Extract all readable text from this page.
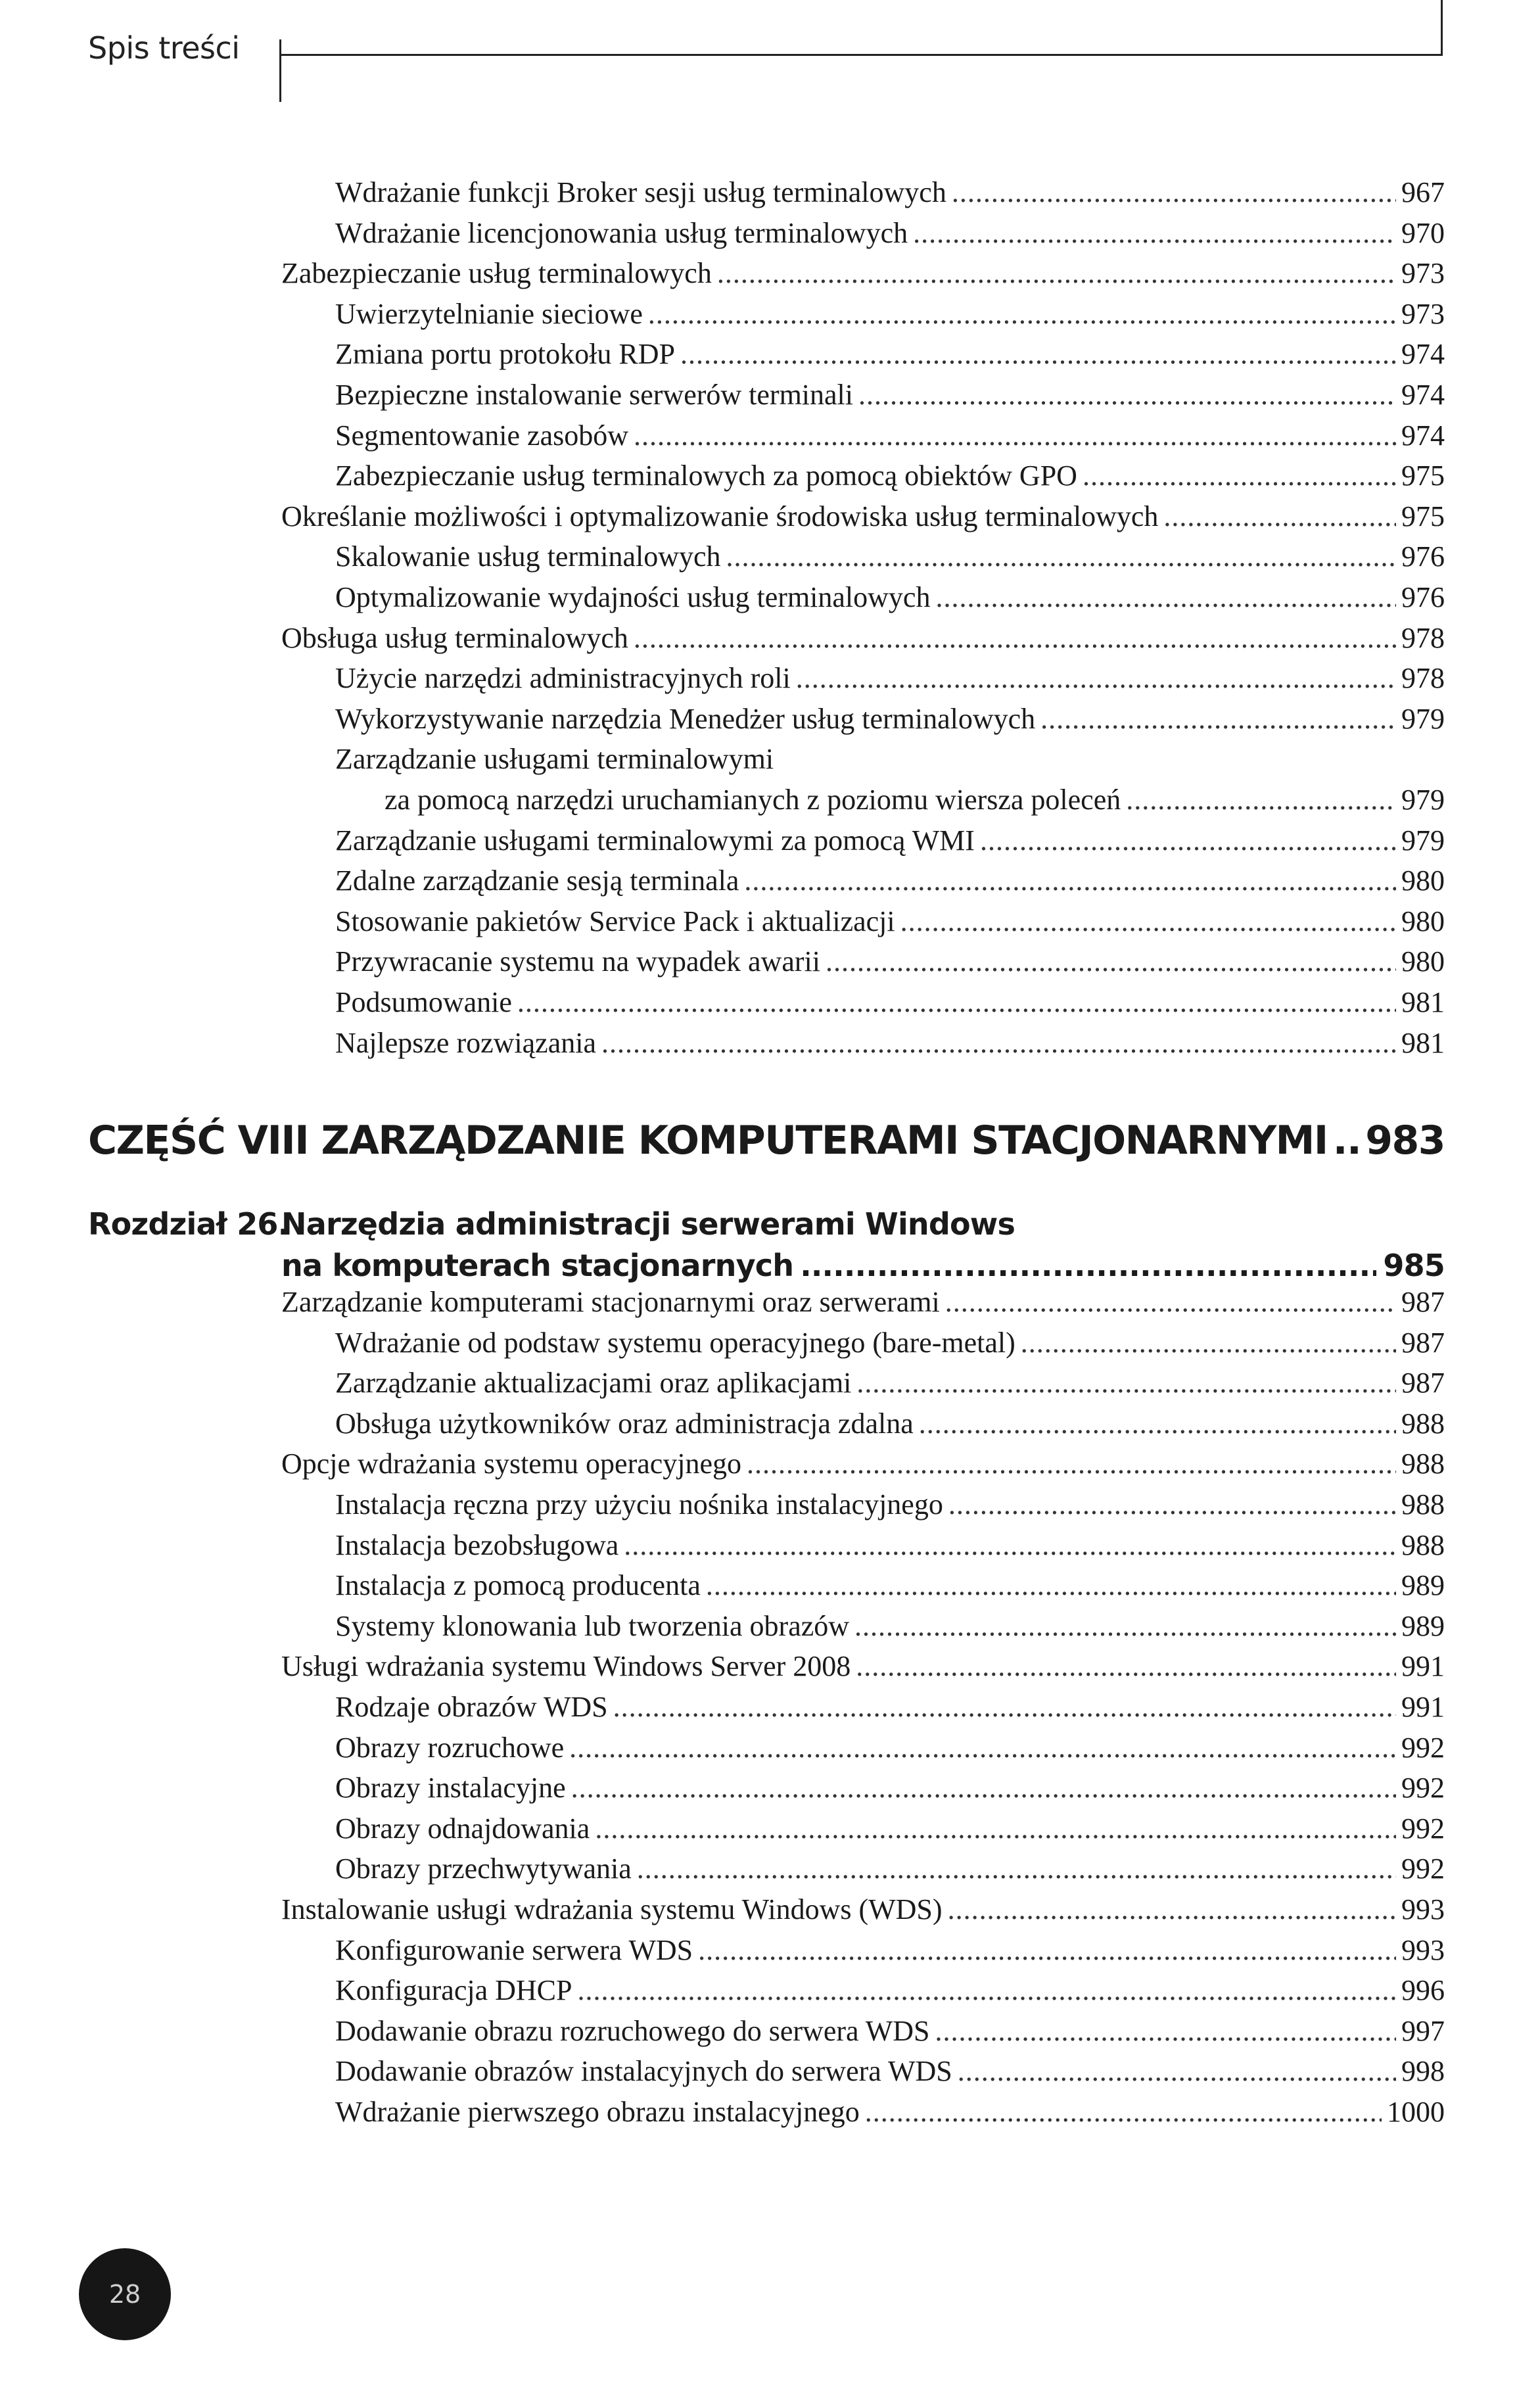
Spis treści
Wdrażanie funkcji Broker sesji usług terminalowych .....	967
Wdrażanie licencjonowania usług terminalowych .....	970
Zabezpieczanie usług terminalowych .....	973
Uwierzytelnianie sieciowe .....	973
Zmiana portu protokołu RDP .....	974
Bezpieczne instalowanie serwerów terminali .....	974
Segmentowanie zasobów .....	974
Zabezpieczanie usług terminalowych za pomocą obiektów GPO .....	975
Określanie możliwości i optymalizowanie środowiska usług terminalowych .....	975
Skalowanie usług terminalowych .....	976
Optymalizowanie wydajności usług terminalowych .....	976
Obsługa usług terminalowych .....	978
Użycie narzędzi administracyjnych roli .....	978
Wykorzystywanie narzędzia Menedżer usług terminalowych .....	979
Zarządzanie usługami terminalowymi
za pomocą narzędzi uruchamianych z poziomu wiersza poleceń .....	979
Zarządzanie usługami terminalowymi za pomocą WMI .....	979
Zdalne zarządzanie sesją terminala .....	980
Stosowanie pakietów Service Pack i aktualizacji .....	980
Przywracanie systemu na wypadek awarii .....	980
Podsumowanie .....	981
Najlepsze rozwiązania .....	981
CZĘŚĆ VIII ZARZĄDZANIE KOMPUTERAMI STACJONARNYMI ..... 983
Rozdział 26.
Narzędzia administracji serwerami Windows
na komputerach stacjonarnych .....	985
Zarządzanie komputerami stacjonarnymi oraz serwerami .....	987
Wdrażanie od podstaw systemu operacyjnego (bare-metal) .....	987
Zarządzanie aktualizacjami oraz aplikacjami .....	987
Obsługa użytkowników oraz administracja zdalna .....	988
Opcje wdrażania systemu operacyjnego .....	988
Instalacja ręczna przy użyciu nośnika instalacyjnego .....	988
Instalacja bezobsługowa .....	988
Instalacja z pomocą producenta .....	989
Systemy klonowania lub tworzenia obrazów .....	989
Usługi wdrażania systemu Windows Server 2008 .....	991
Rodzaje obrazów WDS .....	991
Obrazy rozruchowe .....	992
Obrazy instalacyjne .....	992
Obrazy odnajdowania .....	992
Obrazy przechwytywania .....	992
Instalowanie usługi wdrażania systemu Windows (WDS) .....	993
Konfigurowanie serwera WDS .....	993
Konfiguracja DHCP .....	996
Dodawanie obrazu rozruchowego do serwera WDS .....	997
Dodawanie obrazów instalacyjnych do serwera WDS .....	998
Wdrażanie pierwszego obrazu instalacyjnego .....	1000
28
